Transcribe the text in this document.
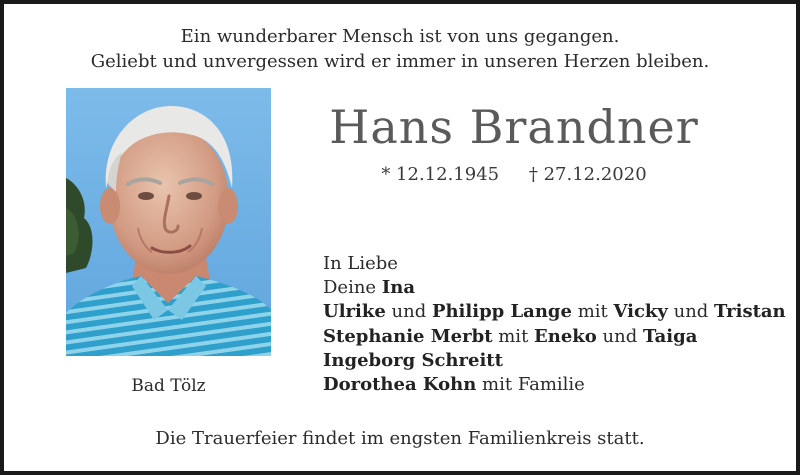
Ein wunderbarer Mensch ist von uns gegangen.
Geliebt und unvergessen wird er immer in unseren Herzen bleiben.
Bad Tölz
Hans Brandner
* 12.12.1945 † 27.12.2020
In Liebe
Deine Ina
Ulrike und Philipp Lange mit Vicky und Tristan
Stephanie Merbt mit Eneko und Taiga
Ingeborg Schreitt
Dorothea Kohn mit Familie
Die Trauerfeier findet im engsten Familienkreis statt.
